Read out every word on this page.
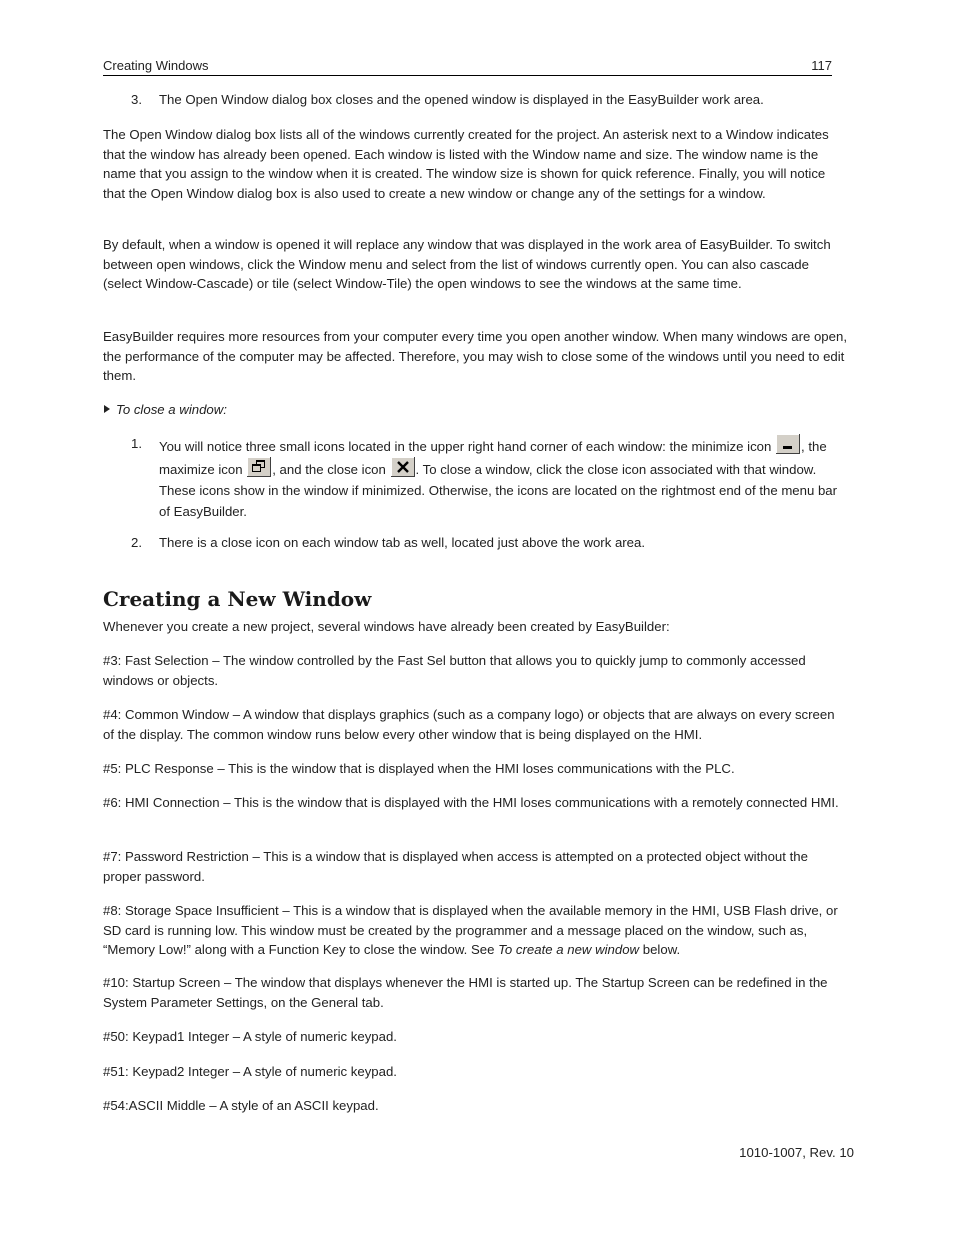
Creating Windows	117
3. The Open Window dialog box closes and the opened window is displayed in the EasyBuilder work area.

The Open Window dialog box lists all of the windows currently created for the project. An asterisk next to a Window indicates that the window has already been opened. Each window is listed with the Window name and size. The window name is the name that you assign to the window when it is created. The window size is shown for quick reference. Finally, you will notice that the Open Window dialog box is also used to create a new window or change any of the settings for a window.

By default, when a window is opened it will replace any window that was displayed in the work area of EasyBuilder. To switch between open windows, click the Window menu and select from the list of windows currently open. You can also cascade (select Window-Cascade) or tile (select Window-Tile) the open windows to see the windows at the same time.

EasyBuilder requires more resources from your computer every time you open another window. When many windows are open, the performance of the computer may be affected. Therefore, you may wish to close some of the windows until you need to edit them.

To close a window:
1. You will notice three small icons located in the upper right hand corner of each window: the minimize icon , the maximize icon , and the close icon . To close a window, click the close icon associated with that window. These icons show in the window if minimized. Otherwise, the icons are located on the rightmost end of the menu bar of EasyBuilder.
2. There is a close icon on each window tab as well, located just above the work area.
Creating a New Window

Whenever you create a new project, several windows have already been created by EasyBuilder:

#3: Fast Selection – The window controlled by the Fast Sel button that allows you to quickly jump to commonly accessed windows or objects.

#4: Common Window – A window that displays graphics (such as a company logo) or objects that are always on every screen of the display. The common window runs below every other window that is being displayed on the HMI.

#5: PLC Response – This is the window that is displayed when the HMI loses communications with the PLC.

#6: HMI Connection – This is the window that is displayed with the HMI loses communications with a remotely connected HMI.

#7: Password Restriction – This is a window that is displayed when access is attempted on a protected object without the proper password.

#8: Storage Space Insufficient – This is a window that is displayed when the available memory in the HMI, USB Flash drive, or SD card is running low. This window must be created by the programmer and a message placed on the window, such as, “Memory Low!” along with a Function Key to close the window. See To create a new window below.

#10: Startup Screen – The window that displays whenever the HMI is started up. The Startup Screen can be redefined in the System Parameter Settings, on the General tab.

#50: Keypad1 Integer – A style of numeric keypad.

#51: Keypad2 Integer – A style of numeric keypad.

#54:ASCII Middle – A style of an ASCII keypad.

1010-1007, Rev. 10
